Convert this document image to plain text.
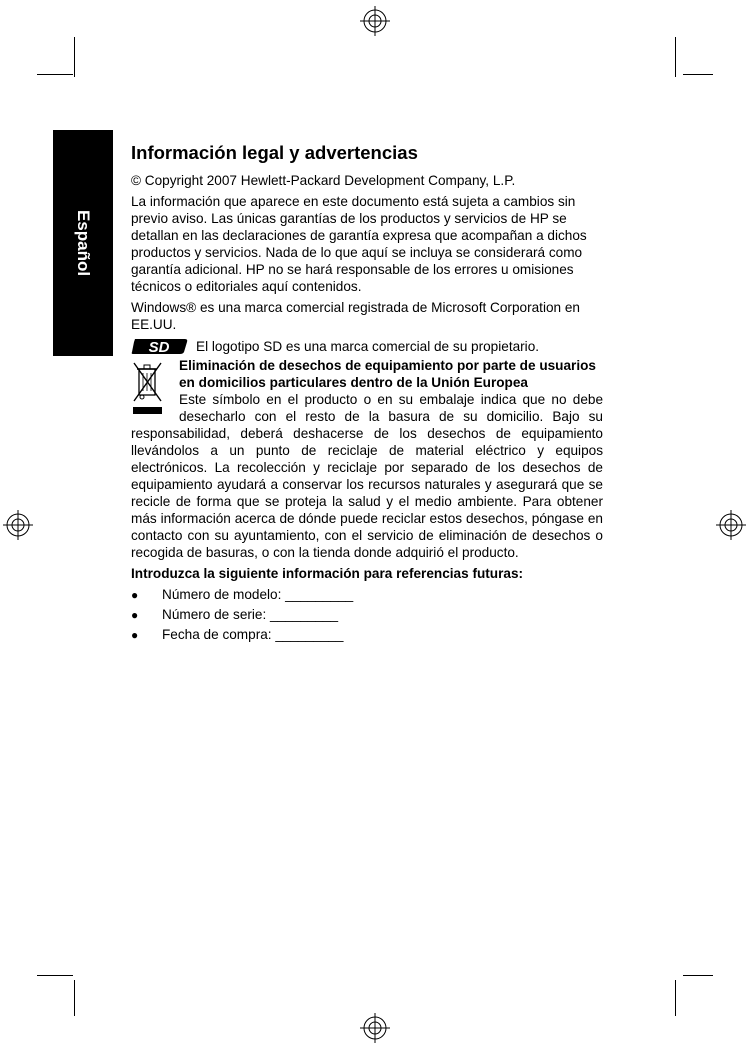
Español
Información legal y advertencias

© Copyright 2007 Hewlett-Packard Development Company, L.P.

La información que aparece en este documento está sujeta a cambios sin previo aviso. Las únicas garantías de los productos y servicios de HP se detallan en las declaraciones de garantía expresa que acompañan a dichos productos y servicios. Nada de lo que aquí se incluya se considerará como garantía adicional. HP no se hará responsable de los errores u omisiones técnicos o editoriales aquí contenidos.

Windows® es una marca comercial registrada de Microsoft Corporation en EE.UU.

SD El logotipo SD es una marca comercial de su propietario.

Eliminación de desechos de equipamiento por parte de usuarios en domicilios particulares dentro de la Unión Europea

Este símbolo en el producto o en su embalaje indica que no debe desecharlo con el resto de la basura de su domicilio. Bajo su responsabilidad, deberá deshacerse de los desechos de equipamiento llevándolos a un punto de reciclaje de material eléctrico y equipos electrónicos. La recolección y reciclaje por separado de los desechos de equipamiento ayudará a conservar los recursos naturales y asegurará que se recicle de forma que se proteja la salud y el medio ambiente. Para obtener más información acerca de dónde puede reciclar estos desechos, póngase en contacto con su ayuntamiento, con el servicio de eliminación de desechos o recogida de basuras, o con la tienda donde adquirió el producto.

Introduzca la siguiente información para referencias futuras:

● Número de modelo: _________
● Número de serie: _________
● Fecha de compra: _________
